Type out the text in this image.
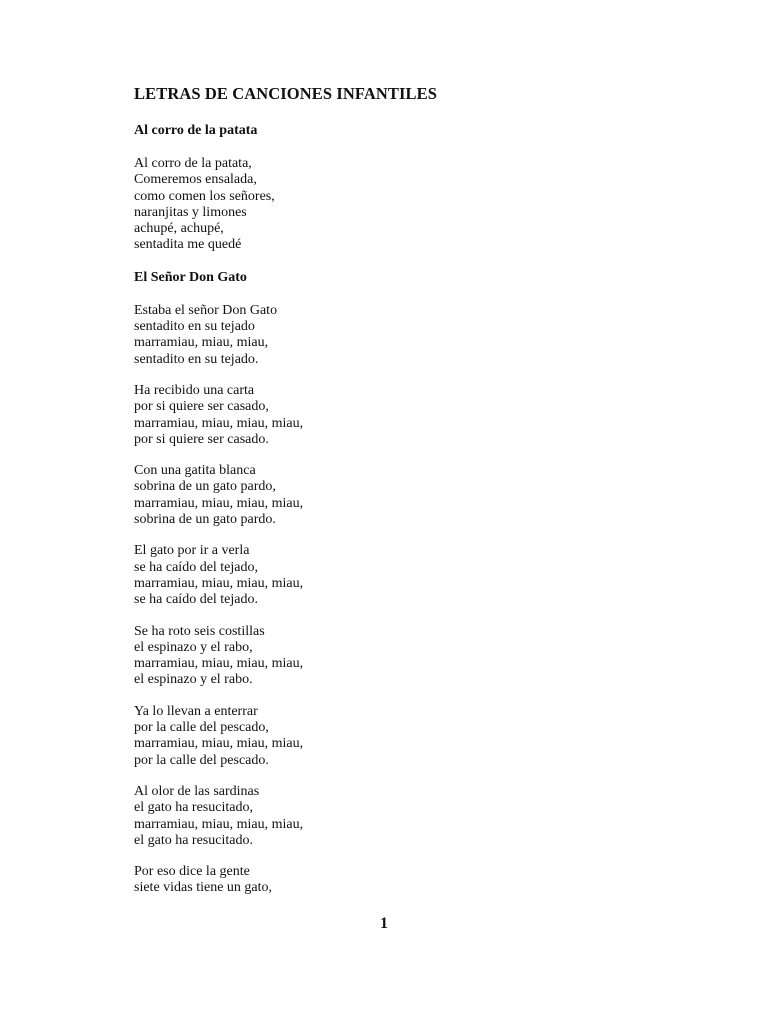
LETRAS DE CANCIONES INFANTILES
Al corro de la patata
Al corro de la patata,
Comeremos ensalada,
como comen los señores,
naranjitas y limones
achupé, achupé,
sentadita me quedé
El Señor Don Gato
Estaba el señor Don Gato
sentadito en su tejado
marramiau, miau, miau,
sentadito en su tejado.
Ha recibido una carta
por si quiere ser casado,
marramiau, miau, miau, miau,
por si quiere ser casado.
Con una gatita blanca
sobrina de un gato pardo,
marramiau, miau, miau, miau,
sobrina de un gato pardo.
El gato por ir a verla
se ha caído del tejado,
marramiau, miau, miau, miau,
se ha caído del tejado.
Se ha roto seis costillas
el espinazo y el rabo,
marramiau, miau, miau, miau,
el espinazo y el rabo.
Ya lo llevan a enterrar
por la calle del pescado,
marramiau, miau, miau, miau,
por la calle del pescado.
Al olor de las sardinas
el gato ha resucitado,
marramiau, miau, miau, miau,
el gato ha resucitado.
Por eso dice la gente
siete vidas tiene un gato,
1
